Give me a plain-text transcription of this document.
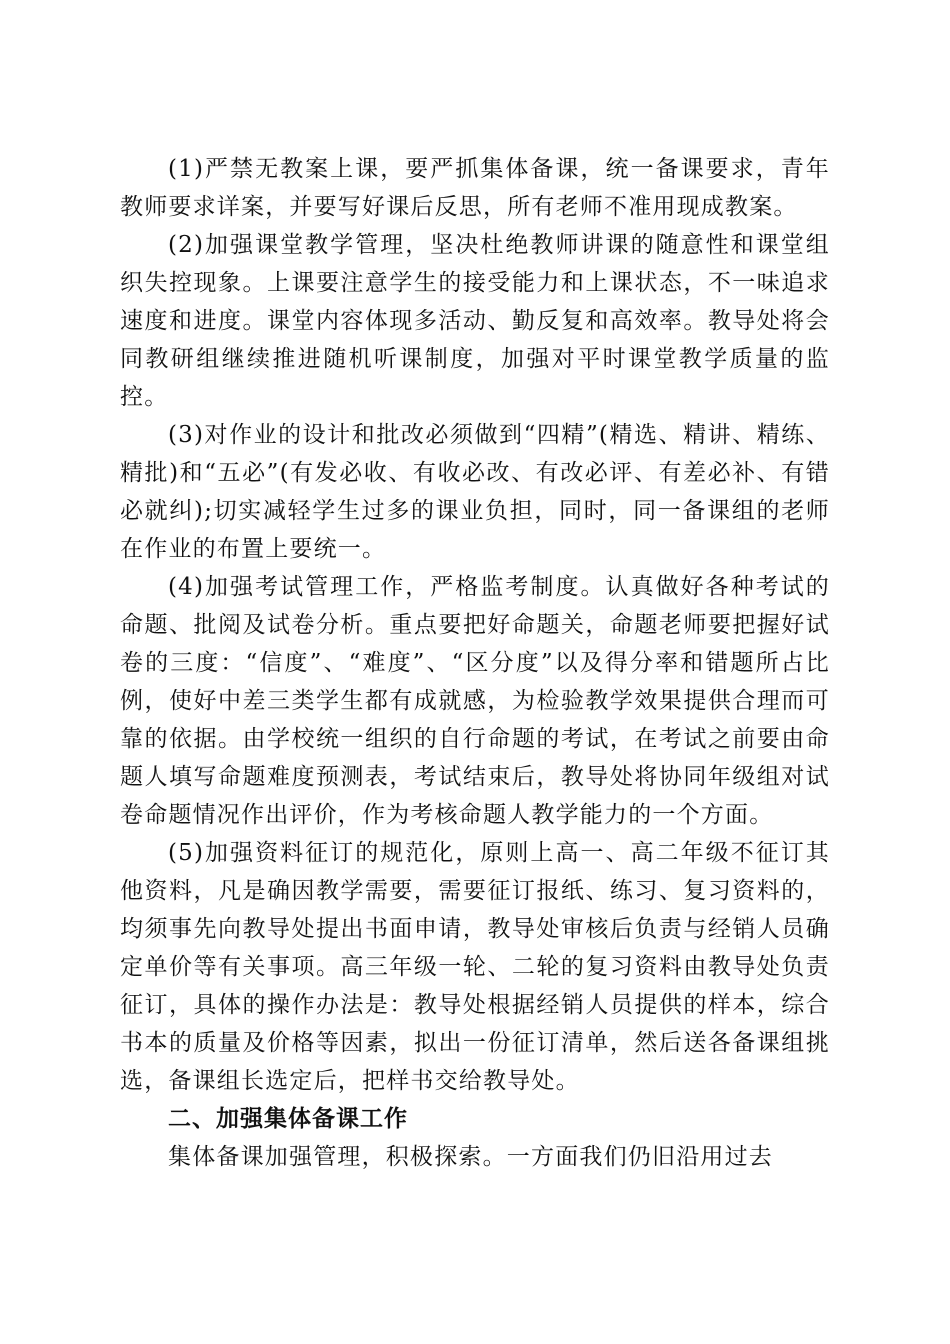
(1)严禁无教案上课，要严抓集体备课，统一备课要求，青年教师要求详案，并要写好课后反思，所有老师不准用现成教案。

(2)加强课堂教学管理，坚决杜绝教师讲课的随意性和课堂组织失控现象。上课要注意学生的接受能力和上课状态，不一味追求速度和进度。课堂内容体现多活动、勤反复和高效率。教导处将会同教研组继续推进随机听课制度，加强对平时课堂教学质量的监控。

(3)对作业的设计和批改必须做到“四精”(精选、精讲、精练、精批)和“五必”(有发必收、有收必改、有改必评、有差必补、有错必就纠);切实减轻学生过多的课业负担，同时，同一备课组的老师在作业的布置上要统一。

(4)加强考试管理工作，严格监考制度。认真做好各种考试的命题、批阅及试卷分析。重点要把好命题关，命题老师要把握好试卷的三度：“信度”、“难度”、“区分度”以及得分率和错题所占比例，使好中差三类学生都有成就感，为检验教学效果提供合理而可靠的依据。由学校统一组织的自行命题的考试，在考试之前要由命题人填写命题难度预测表，考试结束后，教导处将协同年级组对试卷命题情况作出评价，作为考核命题人教学能力的一个方面。

(5)加强资料征订的规范化，原则上高一、高二年级不征订其他资料，凡是确因教学需要，需要征订报纸、练习、复习资料的，均须事先向教导处提出书面申请，教导处审核后负责与经销人员确定单价等有关事项。高三年级一轮、二轮的复习资料由教导处负责征订，具体的操作办法是：教导处根据经销人员提供的样本，综合书本的质量及价格等因素，拟出一份征订清单，然后送各备课组挑选，备课组长选定后，把样书交给教导处。

二、加强集体备课工作

集体备课加强管理，积极探索。一方面我们仍旧沿用过去
